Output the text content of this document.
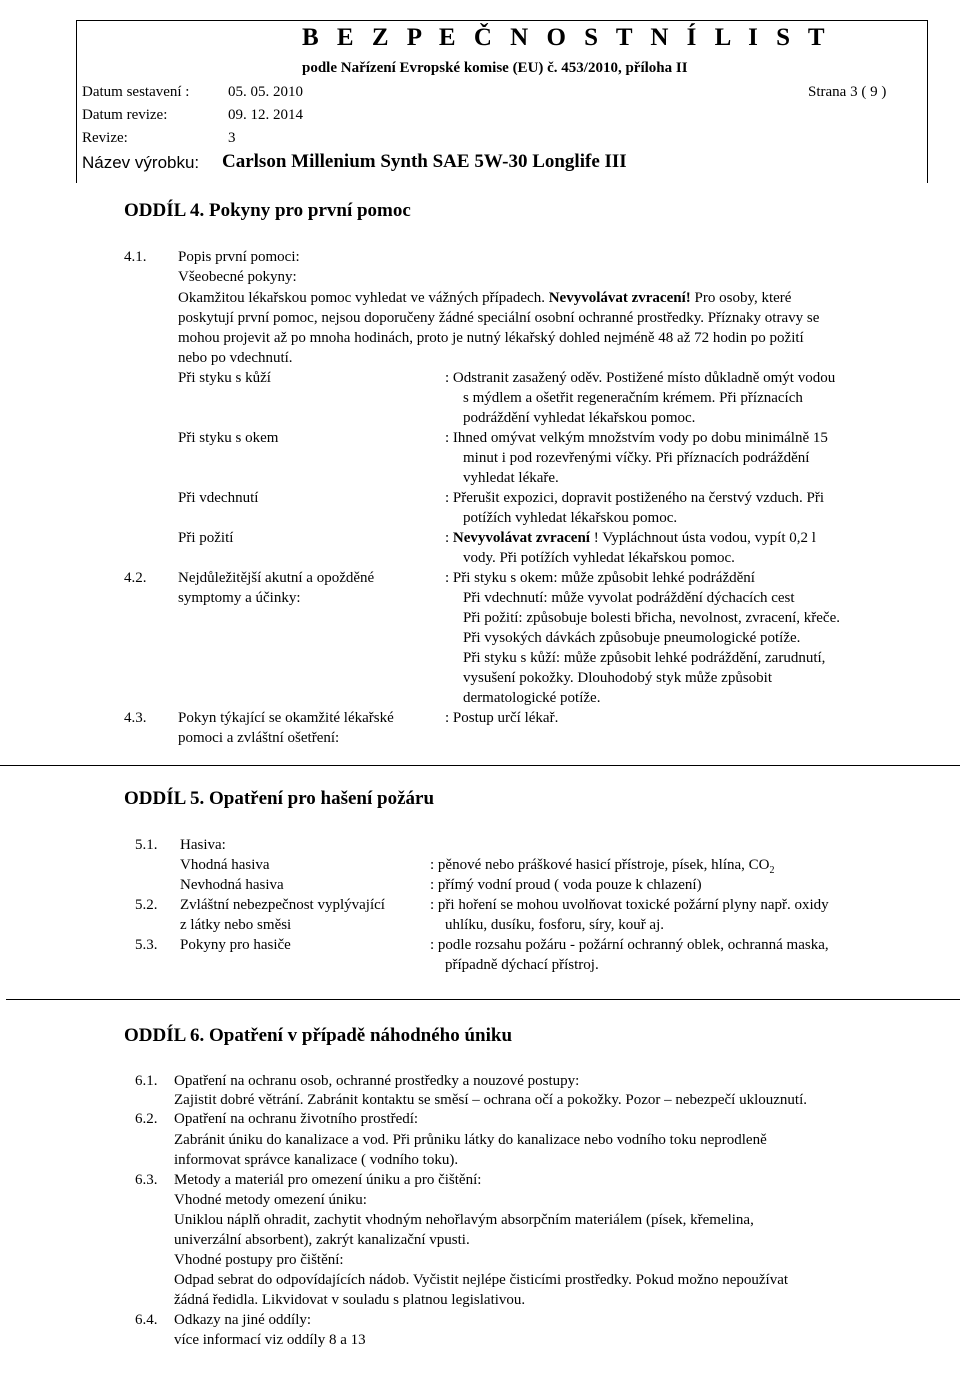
B E Z P E Č N O S T N Í L I S T
podle Nařízení Evropské komise (EU) č. 453/2010, příloha II
Datum sestavení :	05. 05. 2010	Strana 3 ( 9 )
Datum revize:	09. 12. 2014
Revize:	3
Název výrobku: Carlson Millenium Synth SAE 5W-30 Longlife III
ODDÍL 4. Pokyny pro první pomoc
4.1. Popis první pomoci:
Všeobecné pokyny:
Okamžitou lékařskou pomoc vyhledat ve vážných případech. Nevyvolávat zvracení! Pro osoby, které
poskytují první pomoc, nejsou doporučeny žádné speciální osobní ochranné prostředky. Příznaky otravy se
mohou projevit až po mnoha hodinách, proto je nutný lékařský dohled nejméně 48 až 72 hodin po požití
nebo po vdechnutí.
Při styku s kůží	: Odstranit zasažený oděv. Postižené místo důkladně omýt vodou
s mýdlem a ošetřit regeneračním krémem. Při příznacích
podráždění vyhledat lékařskou pomoc.
Při styku s okem	: Ihned omývat velkým množstvím vody po dobu minimálně 15
minut i pod rozevřenými víčky. Při příznacích podráždění
vyhledat lékaře.
Při vdechnutí	: Přerušit expozici, dopravit postiženého na čerstvý vzduch. Při
potížích vyhledat lékařskou pomoc.
Při požití	: Nevyvolávat zvracení ! Vypláchnout ústa vodou, vypít 0,2 l
vody. Při potížích vyhledat lékařskou pomoc.
4.2. Nejdůležitější akutní a opožděné
symptomy a účinky:
: Při styku s okem: může způsobit lehké podráždění
Při vdechnutí: může vyvolat podráždění dýchacích cest
Při požití: způsobuje bolesti břicha, nevolnost, zvracení, křeče.
Při vysokých dávkách způsobuje pneumologické potíže.
Při styku s kůží: může způsobit lehké podráždění, zarudnutí,
vysušení pokožky. Dlouhodobý styk může způsobit
dermatologické potíže.
4.3. Pokyn týkající se okamžité lékařské
pomoci a zvláštní ošetření:
: Postup určí lékař.
ODDÍL 5. Opatření pro hašení požáru
5.1. Hasiva:
Vhodná hasiva	: pěnové nebo práškové hasicí přístroje, písek, hlína, $CO_2$
Nevhodná hasiva	: přímý vodní proud ( voda pouze k chlazení)
5.2. Zvláštní nebezpečnost vyplývající
z látky nebo směsi
: při hoření se mohou uvolňovat toxické požární plyny např. oxidy
uhlíku, dusíku, fosforu, síry, kouř aj.
5.3. Pokyny pro hasiče	: podle rozsahu požáru - požární ochranný oblek, ochranná maska,
případně dýchací přístroj.
ODDÍL 6. Opatření v případě náhodného úniku
6.1. Opatření na ochranu osob, ochranné prostředky a nouzové postupy:
Zajistit dobré větrání. Zabránit kontaktu se směsí – ochrana očí a pokožky. Pozor – nebezpečí uklouznutí.
6.2. Opatření na ochranu životního prostředí:
Zabránit úniku do kanalizace a vod. Při průniku látky do kanalizace nebo vodního toku neprodleně
informovat správce kanalizace ( vodního toku).
6.3. Metody a materiál pro omezení úniku a pro čištění:
Vhodné metody omezení úniku:
Uniklou náplň ohradit, zachytit vhodným nehořlavým absorpčním materiálem (písek, křemelina,
univerzální absorbent), zakrýt kanalizační vpusti.
Vhodné postupy pro čištění:
Odpad sebrat do odpovídajících nádob. Vyčistit nejlépe čisticími prostředky. Pokud možno nepoužívat
žádná ředidla. Likvidovat v souladu s platnou legislativou.
6.4. Odkazy na jiné oddíly:
více informací viz oddíly 8 a 13
